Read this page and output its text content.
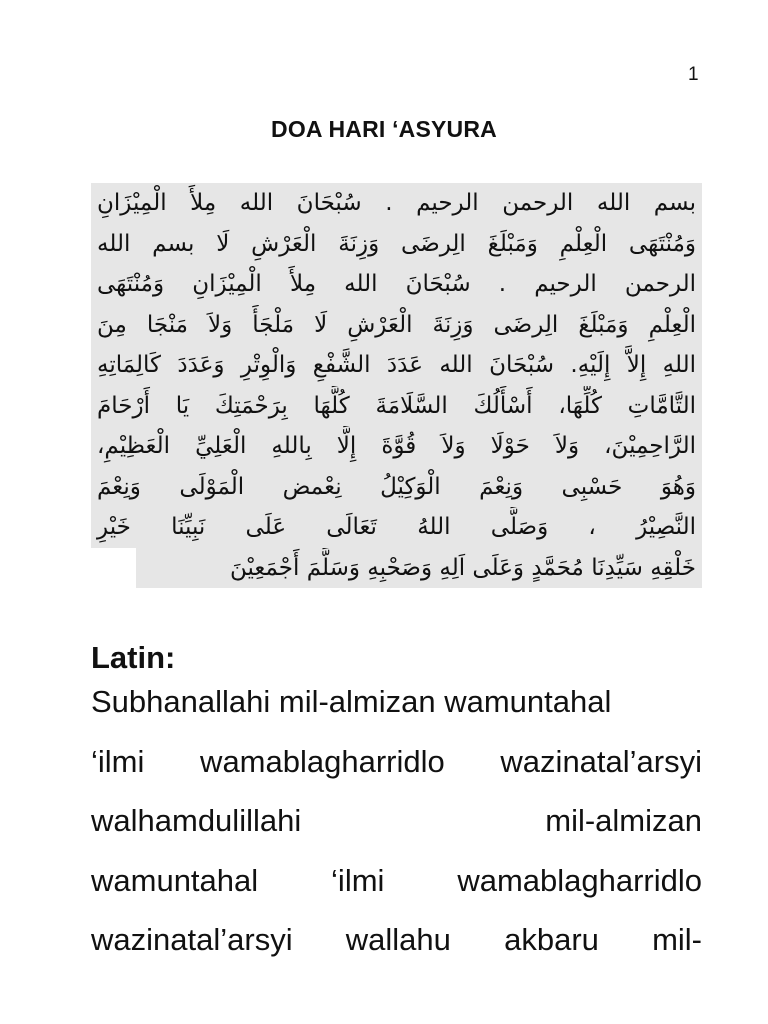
1
DOA HARI ‘ASYURA
بسم الله الرحمن الرحيم . سُبْحَانَ الله مِلأَ الْمِيْزَانِ
وَمُنْتَهَى الْعِلْمِ وَمَبْلَغَ الِرضَى وَزِنَةَ الْعَرْشِ لَا بسم الله
الرحمن الرحيم . سُبْحَانَ الله مِلأَ الْمِيْزَانِ وَمُنْتَهَى
الْعِلْمِ وَمَبْلَغَ الِرضَى وَزِنَةَ الْعَرْشِ لَا مَلْجَأَ وَلاَ مَنْجَا مِنَ
اللهِ إِلاَّ إِلَيْهِ. سُبْحَانَ الله عَدَدَ الشَّفْعِ وَالْوِتْرِ وَعَدَدَ كَالِمَاتِهِ
التَّامَّاتِ كُلِّهَا، أَسْأَلُكَ السَّلَامَةَ كُلَّهَا بِرَحْمَتِكَ يَا أَرْحَامَ
الرَّاحِمِيْنَ، وَلاَ حَوْلَا وَلاَ قُوَّةَ إِلَّا بِاللهِ الْعَلِيِّ الْعَظِيْمِ،
وَهُوَ حَسْبِى وَنِعْمَ الْوَكِيْلُ نِعْمض الْمَوْلَى وَنِعْمَ
النَّصِيْرُ ، وَصَلَّى اللهُ تَعَالَى عَلَى نَبِيِّنَا خَيْرِ
خَلْقِهِ سَيِّدِنَا مُحَمَّدٍ وَعَلَى اَلِهِ وَصَحْبِهِ وَسَلَّمَ أَجْمَعِيْنَ
Latin:
Subhanallahi mil-almizan wamuntahal
‘ilmi wamablagharridlo wazinatal’arsyi
walhamdulillahi mil-almizan
wamuntahal ‘ilmi wamablagharridlo
wazinatal’arsyi wallahu akbaru mil-
